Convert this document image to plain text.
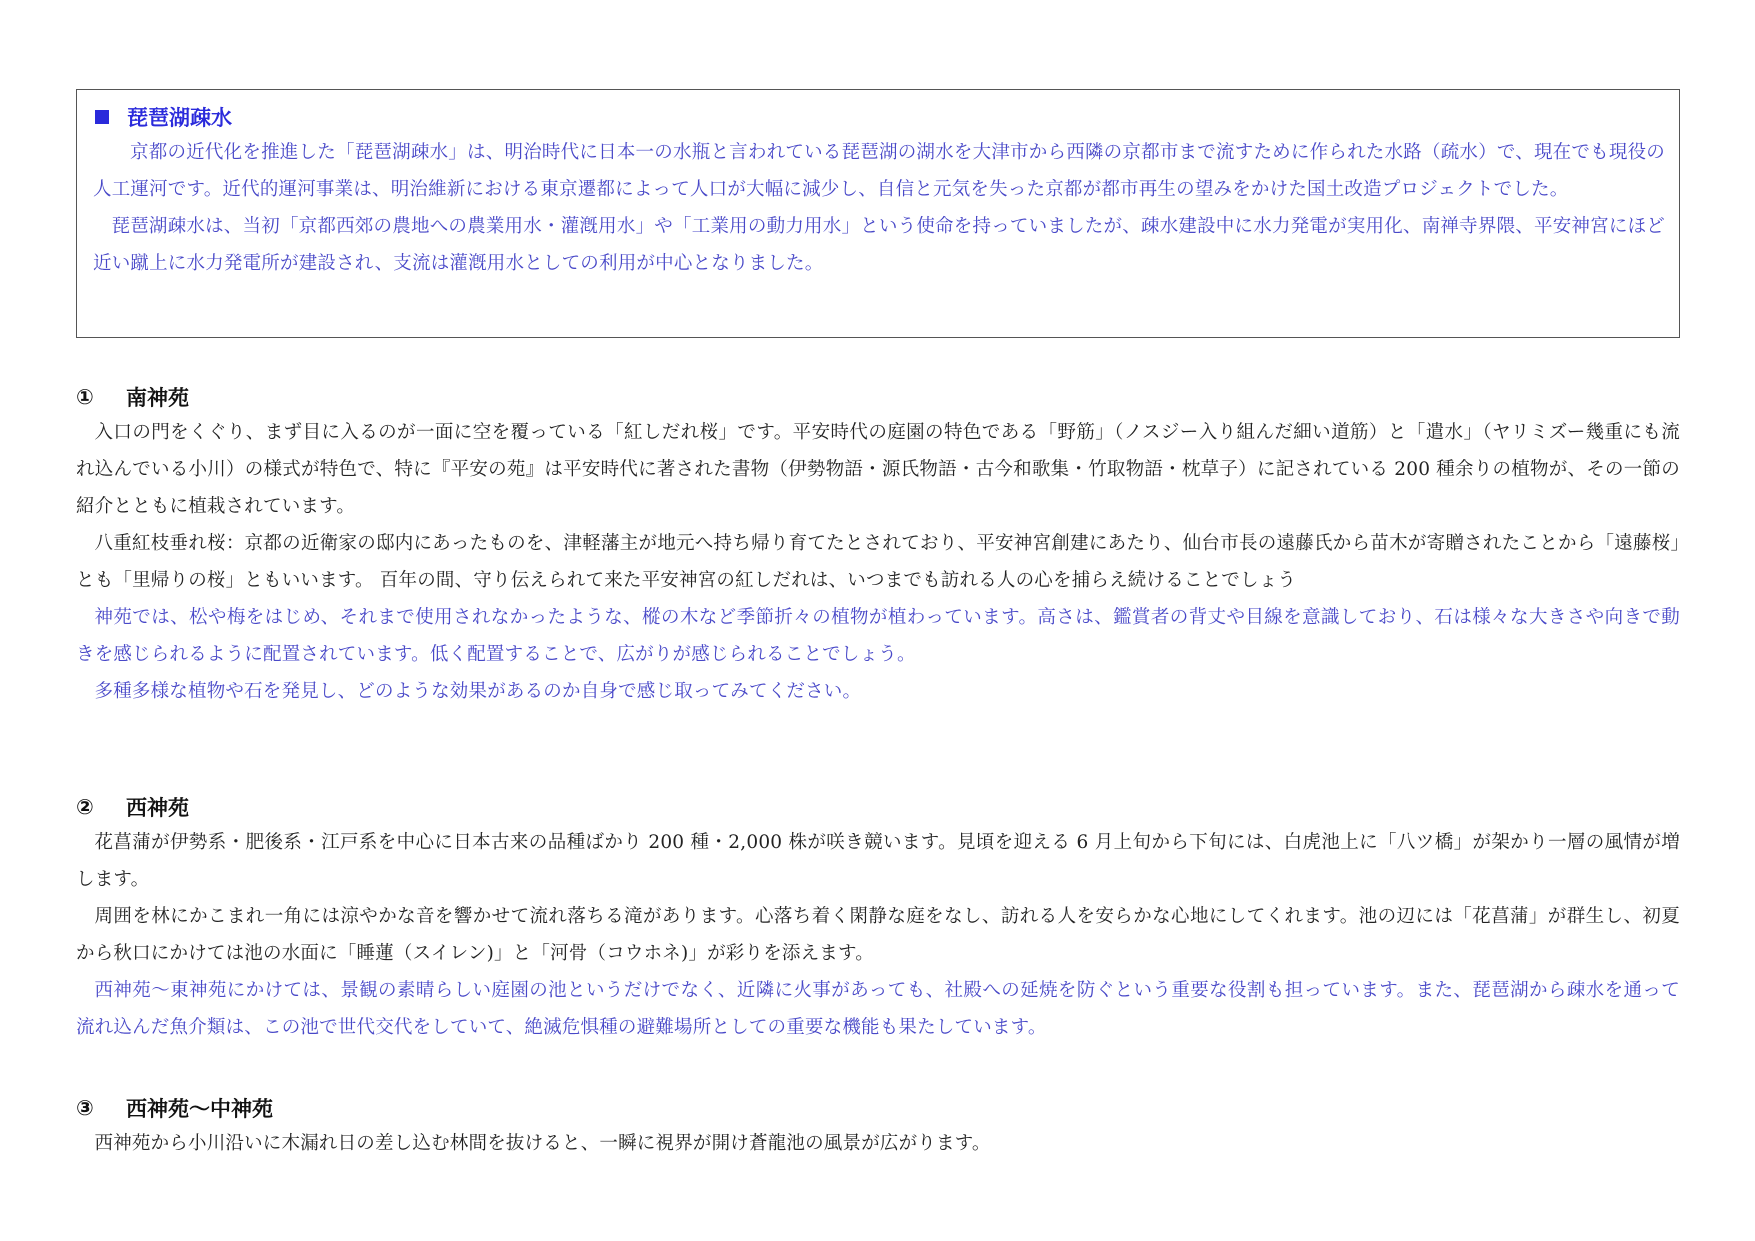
琵琶湖疎水

京都の近代化を推進した「琵琶湖疎水」は、明治時代に日本一の水瓶と言われている琵琶湖の湖水を大津市から西隣の京都市まで流すために作られた水路（疏水）で、現在でも現役の人工運河です。近代的運河事業は、明治維新における東京遷都によって人口が大幅に減少し、自信と元気を失った京都が都市再生の望みをかけた国土改造プロジェクトでした。

琵琶湖疎水は、当初「京都西郊の農地への農業用水・灌漑用水」や「工業用の動力用水」という使命を持っていましたが、疎水建設中に水力発電が実用化、南禅寺界隈、平安神宮にほど近い蹴上に水力発電所が建設され、支流は灌漑用水としての利用が中心となりました。

①	南神苑

入口の門をくぐり、まず目に入るのが一面に空を覆っている「紅しだれ桜」です。平安時代の庭園の特色である「野筋」（ノスジー入り組んだ細い道筋）と「遣水」（ヤリミズー幾重にも流れ込んでいる小川）の様式が特色で、特に『平安の苑』は平安時代に著された書物（伊勢物語・源氏物語・古今和歌集・竹取物語・枕草子）に記されている 200 種余りの植物が、その一節の紹介とともに植栽されています。

八重紅枝垂れ桜：京都の近衛家の邸内にあったものを、津軽藩主が地元へ持ち帰り育てたとされており、平安神宮創建にあたり、仙台市長の遠藤氏から苗木が寄贈されたことから「遠藤桜」とも「里帰りの桜」ともいいます。 百年の間、守り伝えられて来た平安神宮の紅しだれは、いつまでも訪れる人の心を捕らえ続けることでしょう

神苑では、松や梅をはじめ、それまで使用されなかったような、樅の木など季節折々の植物が植わっています。高さは、鑑賞者の背丈や目線を意識しており、石は様々な大きさや向きで動きを感じられるように配置されています。低く配置することで、広がりが感じられることでしょう。

多種多様な植物や石を発見し、どのような効果があるのか自身で感じ取ってみてください。

②	西神苑

花菖蒲が伊勢系・肥後系・江戸系を中心に日本古来の品種ばかり 200 種・2,000 株が咲き競います。見頃を迎える 6 月上旬から下旬には、白虎池上に「八ツ橋」が架かり一層の風情が増します。

周囲を林にかこまれ一角には涼やかな音を響かせて流れ落ちる滝があります。心落ち着く閑静な庭をなし、訪れる人を安らかな心地にしてくれます。池の辺には「花菖蒲」が群生し、初夏から秋口にかけては池の水面に「睡蓮（スイレン)」と「河骨（コウホネ)」が彩りを添えます。

西神苑～東神苑にかけては、景観の素晴らしい庭園の池というだけでなく、近隣に火事があっても、社殿への延焼を防ぐという重要な役割も担っています。また、琵琶湖から疎水を通って流れ込んだ魚介類は、この池で世代交代をしていて、絶滅危惧種の避難場所としての重要な機能も果たしています。

③	西神苑～中神苑

西神苑から小川沿いに木漏れ日の差し込む林間を抜けると、一瞬に視界が開け蒼龍池の風景が広がります。
